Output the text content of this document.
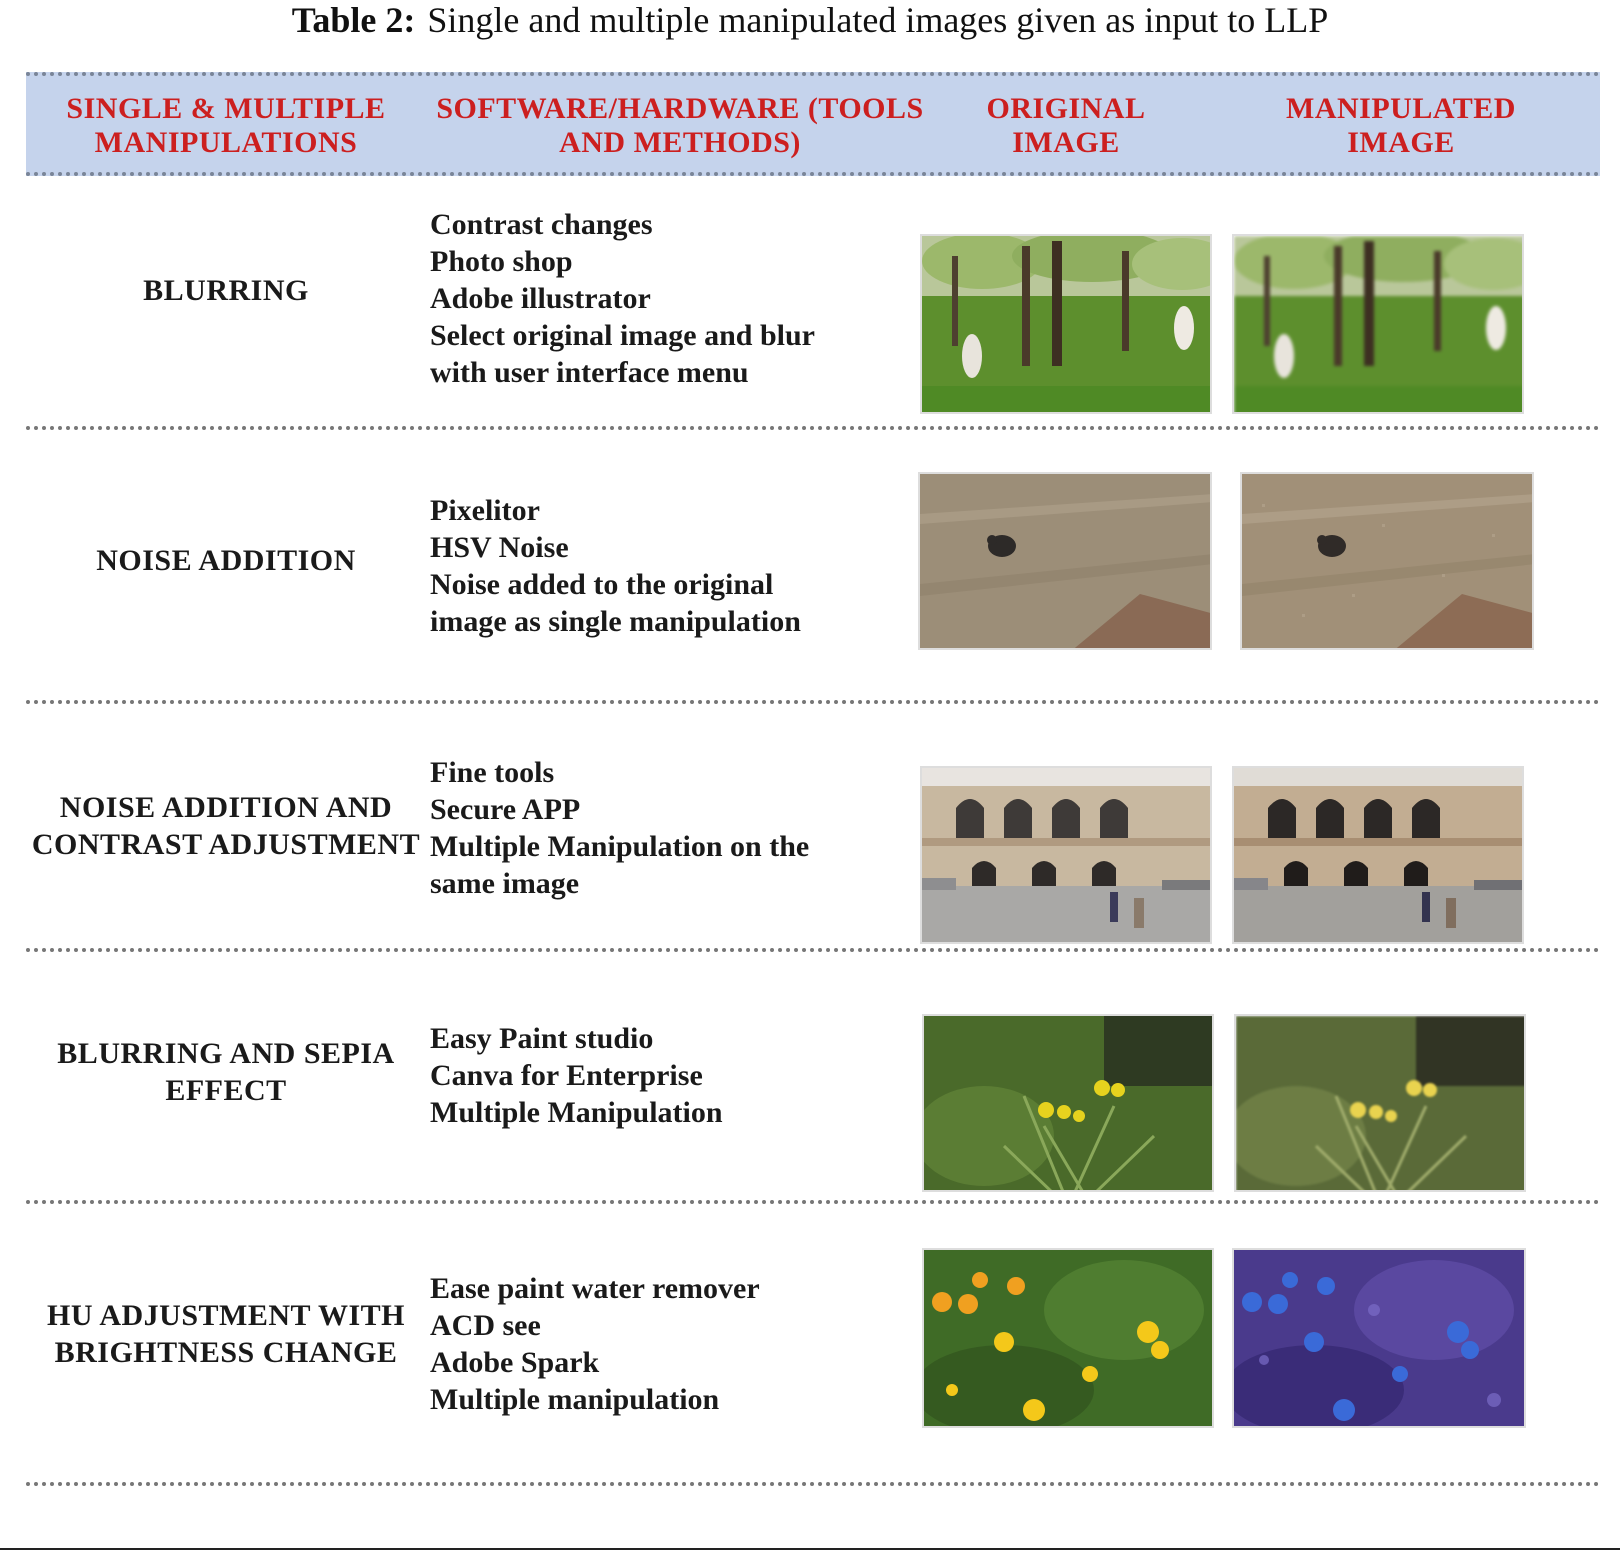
Table 2: Single and multiple manipulated images given as input to LLP
SINGLE & MULTIPLE MANIPULATIONS
SOFTWARE/HARDWARE (TOOLS AND METHODS)
ORIGINAL IMAGE
MANIPULATED IMAGE
BLURRING
Contrast changes
Photo shop
Adobe illustrator
Select original image and blur
with user interface menu
NOISE ADDITION
Pixelitor
HSV Noise
Noise added to the original
image as single manipulation
NOISE ADDITION AND CONTRAST ADJUSTMENT
Fine tools
Secure APP
Multiple Manipulation on the
same image
BLURRING AND SEPIA EFFECT
Easy Paint studio
Canva for Enterprise
Multiple Manipulation
HU ADJUSTMENT WITH BRIGHTNESS CHANGE
Ease paint water remover
ACD see
Adobe Spark
Multiple manipulation
